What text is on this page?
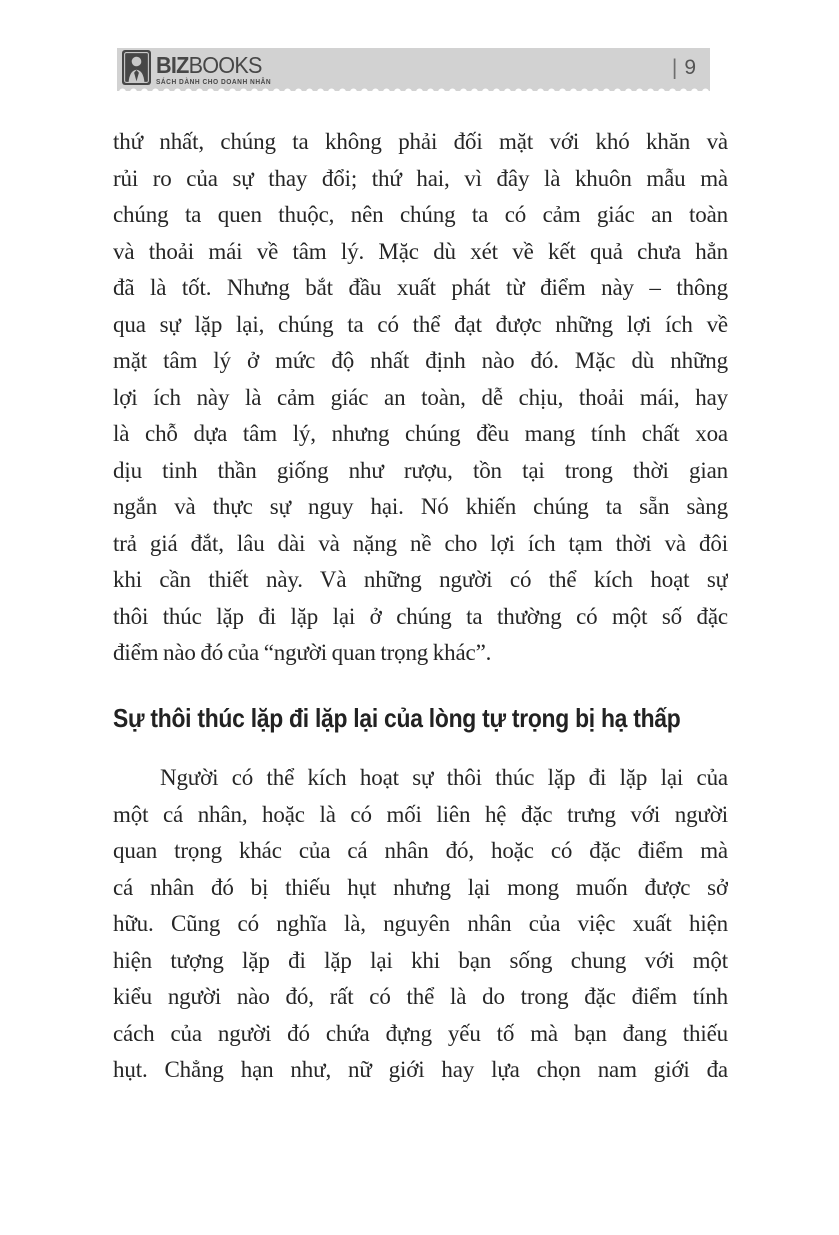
BIZBOOKS
SÁCH DÀNH CHO DOANH NHÂN
| 9
thứ nhất, chúng ta không phải đối mặt với khó khăn và
rủi ro của sự thay đổi; thứ hai, vì đây là khuôn mẫu mà
chúng ta quen thuộc, nên chúng ta có cảm giác an toàn
và thoải mái về tâm lý. Mặc dù xét về kết quả chưa hẳn
đã là tốt. Nhưng bắt đầu xuất phát từ điểm này – thông
qua sự lặp lại, chúng ta có thể đạt được những lợi ích về
mặt tâm lý ở mức độ nhất định nào đó. Mặc dù những
lợi ích này là cảm giác an toàn, dễ chịu, thoải mái, hay
là chỗ dựa tâm lý, nhưng chúng đều mang tính chất xoa
dịu tinh thần giống như rượu, tồn tại trong thời gian
ngắn và thực sự nguy hại. Nó khiến chúng ta sẵn sàng
trả giá đắt, lâu dài và nặng nề cho lợi ích tạm thời và đôi
khi cần thiết này. Và những người có thể kích hoạt sự
thôi thúc lặp đi lặp lại ở chúng ta thường có một số đặc
điểm nào đó của “người quan trọng khác”.
Sự thôi thúc lặp đi lặp lại của lòng tự trọng bị hạ thấp
Người có thể kích hoạt sự thôi thúc lặp đi lặp lại của
một cá nhân, hoặc là có mối liên hệ đặc trưng với người
quan trọng khác của cá nhân đó, hoặc có đặc điểm mà
cá nhân đó bị thiếu hụt nhưng lại mong muốn được sở
hữu. Cũng có nghĩa là, nguyên nhân của việc xuất hiện
hiện tượng lặp đi lặp lại khi bạn sống chung với một
kiểu người nào đó, rất có thể là do trong đặc điểm tính
cách của người đó chứa đựng yếu tố mà bạn đang thiếu
hụt. Chẳng hạn như, nữ giới hay lựa chọn nam giới đa
